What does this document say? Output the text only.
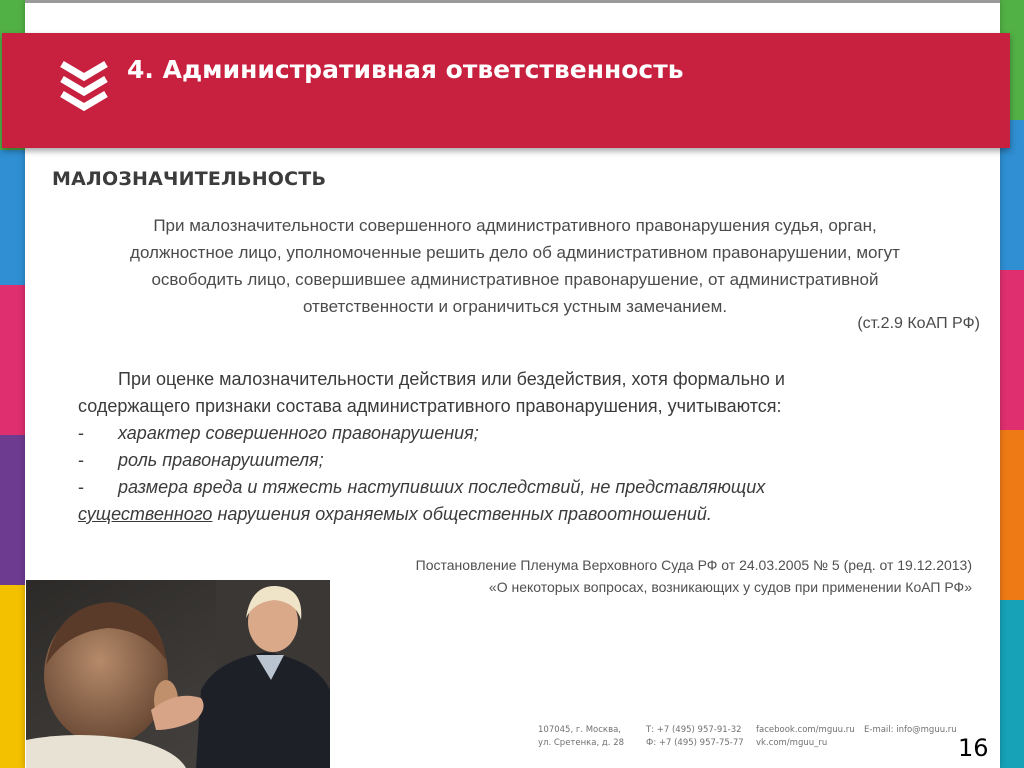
4. Административная ответственность
МАЛОЗНАЧИТЕЛЬНОСТЬ
При малозначительности совершенного административного правонарушения судья, орган,
должностное лицо, уполномоченные решить дело об административном правонарушении, могут
освободить лицо, совершившее административное правонарушение, от административной
ответственности и ограничиться устным замечанием.
(ст.2.9 КоАП РФ)
При оценке малозначительности действия или бездействия, хотя формально и
содержащего признаки состава административного правонарушения, учитываются:
- характер совершенного правонарушения;
- роль правонарушителя;
- размера вреда и тяжесть наступивших последствий, не представляющих
существенного нарушения охраняемых общественных правоотношений.
Постановление Пленума Верховного Суда РФ от 24.03.2005 № 5 (ред. от 19.12.2013)
«О некоторых вопросах, возникающих у судов при применении КоАП РФ»
107045, г. Москва,
ул. Сретенка, д. 28
Т: +7 (495) 957-91-32
Ф: +7 (495) 957-75-77
facebook.com/mguu.ru
vk.com/mguu_ru
E-mail: info@mguu.ru
16
